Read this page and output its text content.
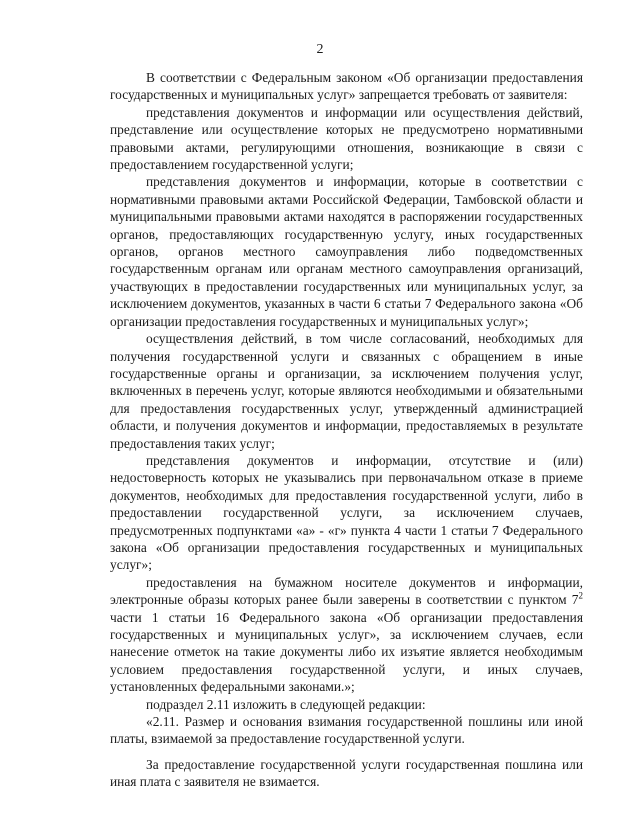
2

В соответствии с Федеральным законом «Об организации предоставления государственных и муниципальных услуг» запрещается требовать от заявителя:

представления документов и информации или осуществления действий, представление или осуществление которых не предусмотрено нормативными правовыми актами, регулирующими отношения, возникающие в связи с предоставлением государственной услуги;

представления документов и информации, которые в соответствии с нормативными правовыми актами Российской Федерации, Тамбовской области и муниципальными правовыми актами находятся в распоряжении государственных органов, предоставляющих государственную услугу, иных государственных органов, органов местного самоуправления либо подведомственных государственным органам или органам местного самоуправления организаций, участвующих в предоставлении государственных или муниципальных услуг, за исключением документов, указанных в части 6 статьи 7 Федерального закона «Об организации предоставления государственных и муниципальных услуг»;

осуществления действий, в том числе согласований, необходимых для получения государственной услуги и связанных с обращением в иные государственные органы и организации, за исключением получения услуг, включенных в перечень услуг, которые являются необходимыми и обязательными для предоставления государственных услуг, утвержденный администрацией области, и получения документов и информации, предоставляемых в результате предоставления таких услуг;

представления документов и информации, отсутствие и (или) недостоверность которых не указывались при первоначальном отказе в приеме документов, необходимых для предоставления государственной услуги, либо в предоставлении государственной услуги, за исключением случаев, предусмотренных подпунктами «а» - «г» пункта 4 части 1 статьи 7 Федерального закона «Об организации предоставления государственных и муниципальных услуг»;

предоставления на бумажном носителе документов и информации, электронные образы которых ранее были заверены в соответствии с пунктом $7^2$ части 1 статьи 16 Федерального закона «Об организации предоставления государственных и муниципальных услуг», за исключением случаев, если нанесение отметок на такие документы либо их изъятие является необходимым условием предоставления государственной услуги, и иных случаев, установленных федеральными законами.»;

подраздел 2.11 изложить в следующей редакции:

«2.11. Размер и основания взимания государственной пошлины или иной платы, взимаемой за предоставление государственной услуги.

За предоставление государственной услуги государственная пошлина или иная плата с заявителя не взимается.
